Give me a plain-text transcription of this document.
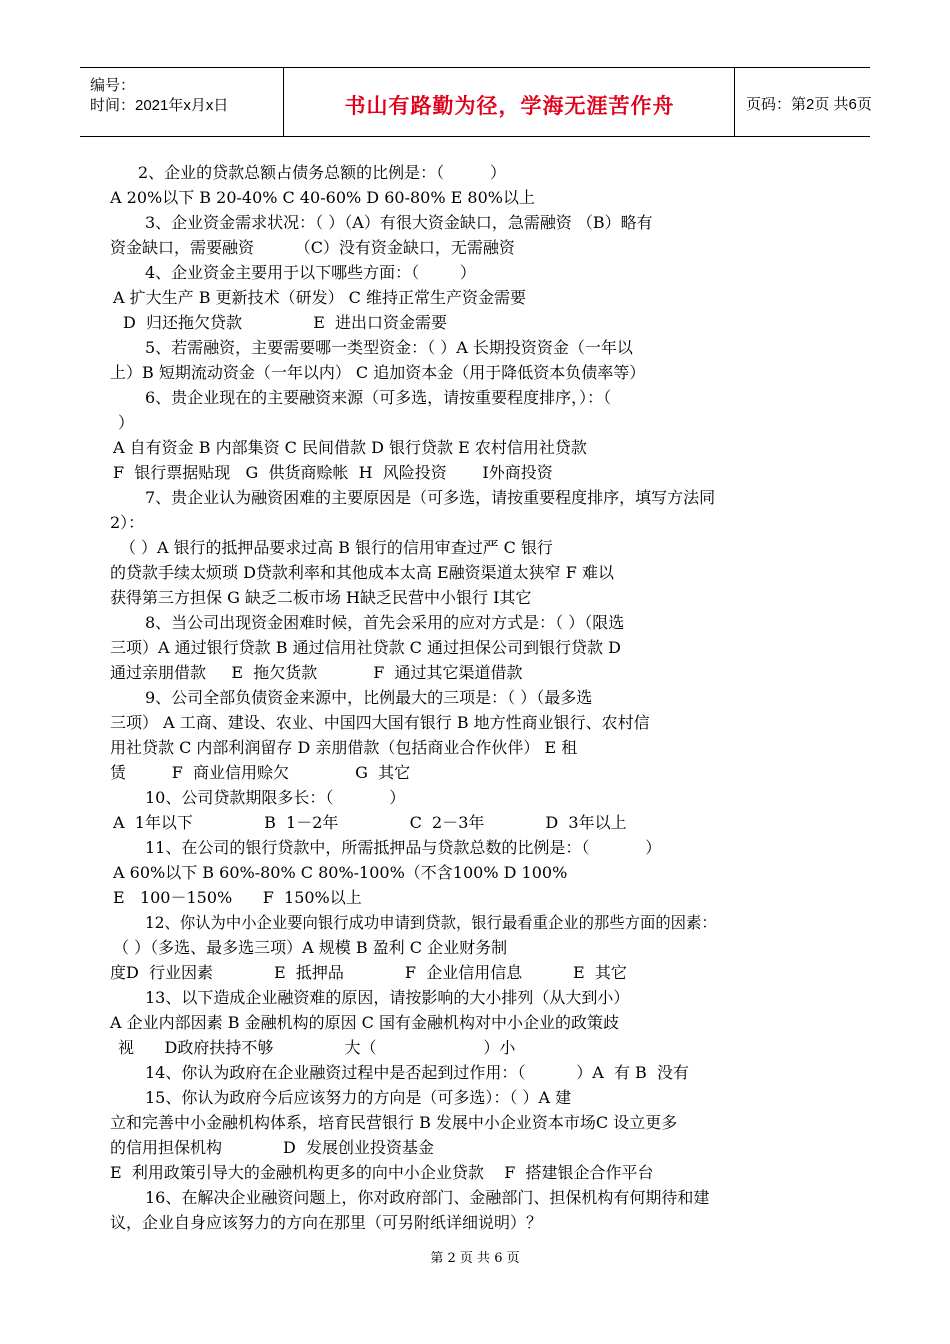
编号：
时间：2021年x月x日	书山有路勤为径，学海无涯苦作舟	页码：第2页 共6页
2、企业的贷款总额占债务总额的比例是：（         ）
A 20%以下 B 20-40% C 40-60% D 60-80% E 80%以上
3、企业资金需求状况：（ ）（A）有很大资金缺口，急需融资 （B）略有
资金缺口，需要融资        （C）没有资金缺口，无需融资
4、企业资金主要用于以下哪些方面：（        ）
A 扩大生产 B 更新技术（研发） C 维持正常生产资金需要
D  归还拖欠贷款              E  进出口资金需要
5、若需融资，主要需要哪一类型资金：（ ）A 长期投资资金（一年以
上）B 短期流动资金（一年以内） C 追加资本金（用于降低资本负债率等）
6、贵企业现在的主要融资来源（可多选，请按重要程度排序，）：（
）
A 自有资金 B 内部集资 C 民间借款 D 银行贷款 E 农村信用社贷款
F  银行票据贴现   G  供货商赊帐  H  风险投资       I外商投资
7、贵企业认为融资困难的主要原因是（可多选，请按重要程度排序，填写方法同
2）：
（ ）A 银行的抵押品要求过高 B 银行的信用审查过严 C 银行
的贷款手续太烦琐 D贷款利率和其他成本太高 E融资渠道太狭窄 F 难以
获得第三方担保 G 缺乏二板市场 H缺乏民营中小银行 I其它
8、当公司出现资金困难时候，首先会采用的应对方式是：（ ）（限选
三项）A 通过银行贷款 B 通过信用社贷款 C 通过担保公司到银行贷款 D
通过亲朋借款     E  拖欠货款           F  通过其它渠道借款
9、公司全部负债资金来源中，比例最大的三项是：（ ）（最多选
三项） A 工商、建设、农业、中国四大国有银行 B 地方性商业银行、农村信
用社贷款 C 内部利润留存 D 亲朋借款（包括商业合作伙伴） E 租
赁         F  商业信用赊欠             G  其它
10、公司贷款期限多长：（           ）
A  1年以下              B  1－2年              C  2－3年            D  3年以上
11、在公司的银行贷款中，所需抵押品与贷款总数的比例是：（           ）
A 60%以下 B 60%-80% C 80%-100%（不含100% D 100%
E   100－150%      F  150%以上
12、你认为中小企业要向银行成功申请到贷款，银行最看重企业的那些方面的因素：
（ ）（多选、最多选三项）A 规模 B 盈利 C 企业财务制
度D  行业因素            E  抵押品            F  企业信用信息          E  其它
13、以下造成企业融资难的原因，请按影响的大小排列（从大到小）
A 企业内部因素 B 金融机构的原因 C 国有金融机构对中小企业的政策歧
视      D政府扶持不够              大（                     ）小
14、你认为政府在企业融资过程中是否起到过作用：（          ）A  有 B  没有
15、你认为政府今后应该努力的方向是（可多选）：（ ）A 建
立和完善中小金融机构体系，培育民营银行 B 发展中小企业资本市场C 设立更多
的信用担保机构            D  发展创业投资基金
E  利用政策引导大的金融机构更多的向中小企业贷款    F  搭建银企合作平台
16、在解决企业融资问题上，你对政府部门、金融部门、担保机构有何期待和建
议，企业自身应该努力的方向在那里（可另附纸详细说明）？
第 2 页 共 6 页
